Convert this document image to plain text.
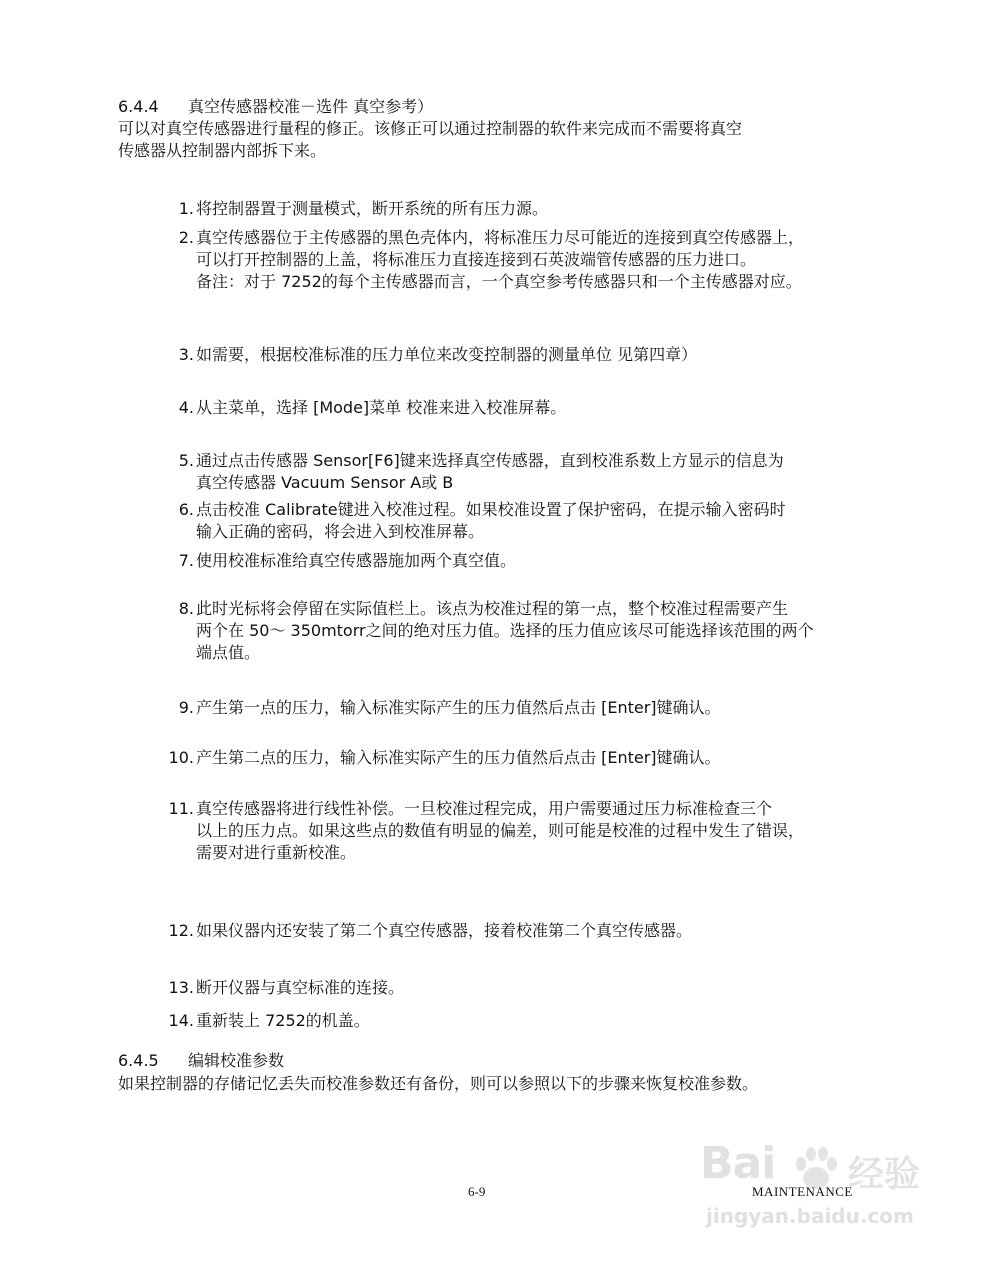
6.4.4 真空传感器校准－选件 真空参考）
可以对真空传感器进行量程的修正。该修正可以通过控制器的软件来完成而不需要将真空
传感器从控制器内部拆下来。
1. 将控制器置于测量模式，断开系统的所有压力源。
2. 真空传感器位于主传感器的黑色壳体内，将标准压力尽可能近的连接到真空传感器上，
可以打开控制器的上盖，将标准压力直接连接到石英波端管传感器的压力进口。
备注：对于 7252的每个主传感器而言，一个真空参考传感器只和一个主传感器对应。
3. 如需要，根据校准标准的压力单位来改变控制器的测量单位 见第四章）
4. 从主菜单，选择 [Mode]菜单 校准来进入校准屏幕。
5. 通过点击传感器 Sensor[F6]键来选择真空传感器，直到校准系数上方显示的信息为
真空传感器 Vacuum Sensor A或 B
6. 点击校准 Calibrate键进入校准过程。如果校准设置了保护密码，在提示输入密码时
输入正确的密码，将会进入到校准屏幕。
7. 使用校准标准给真空传感器施加两个真空值。
8. 此时光标将会停留在实际值栏上。该点为校准过程的第一点，整个校准过程需要产生
两个在 50～ 350mtorr之间的绝对压力值。选择的压力值应该尽可能选择该范围的两个
端点值。
9. 产生第一点的压力，输入标准实际产生的压力值然后点击 [Enter]键确认。
10. 产生第二点的压力，输入标准实际产生的压力值然后点击 [Enter]键确认。
11. 真空传感器将进行线性补偿。一旦校准过程完成，用户需要通过压力标准检查三个
以上的压力点。如果这些点的数值有明显的偏差，则可能是校准的过程中发生了错误，
需要对进行重新校准。
12. 如果仪器内还安装了第二个真空传感器，接着校准第二个真空传感器。
13. 断开仪器与真空标准的连接。
14. 重新装上 7252的机盖。
6.4.5 编辑校准参数
如果控制器的存储记忆丢失而校准参数还有备份，则可以参照以下的步骤来恢复校准参数。
Bai 经验
jingyan.baidu.com
6-9	MAINTENANCE
